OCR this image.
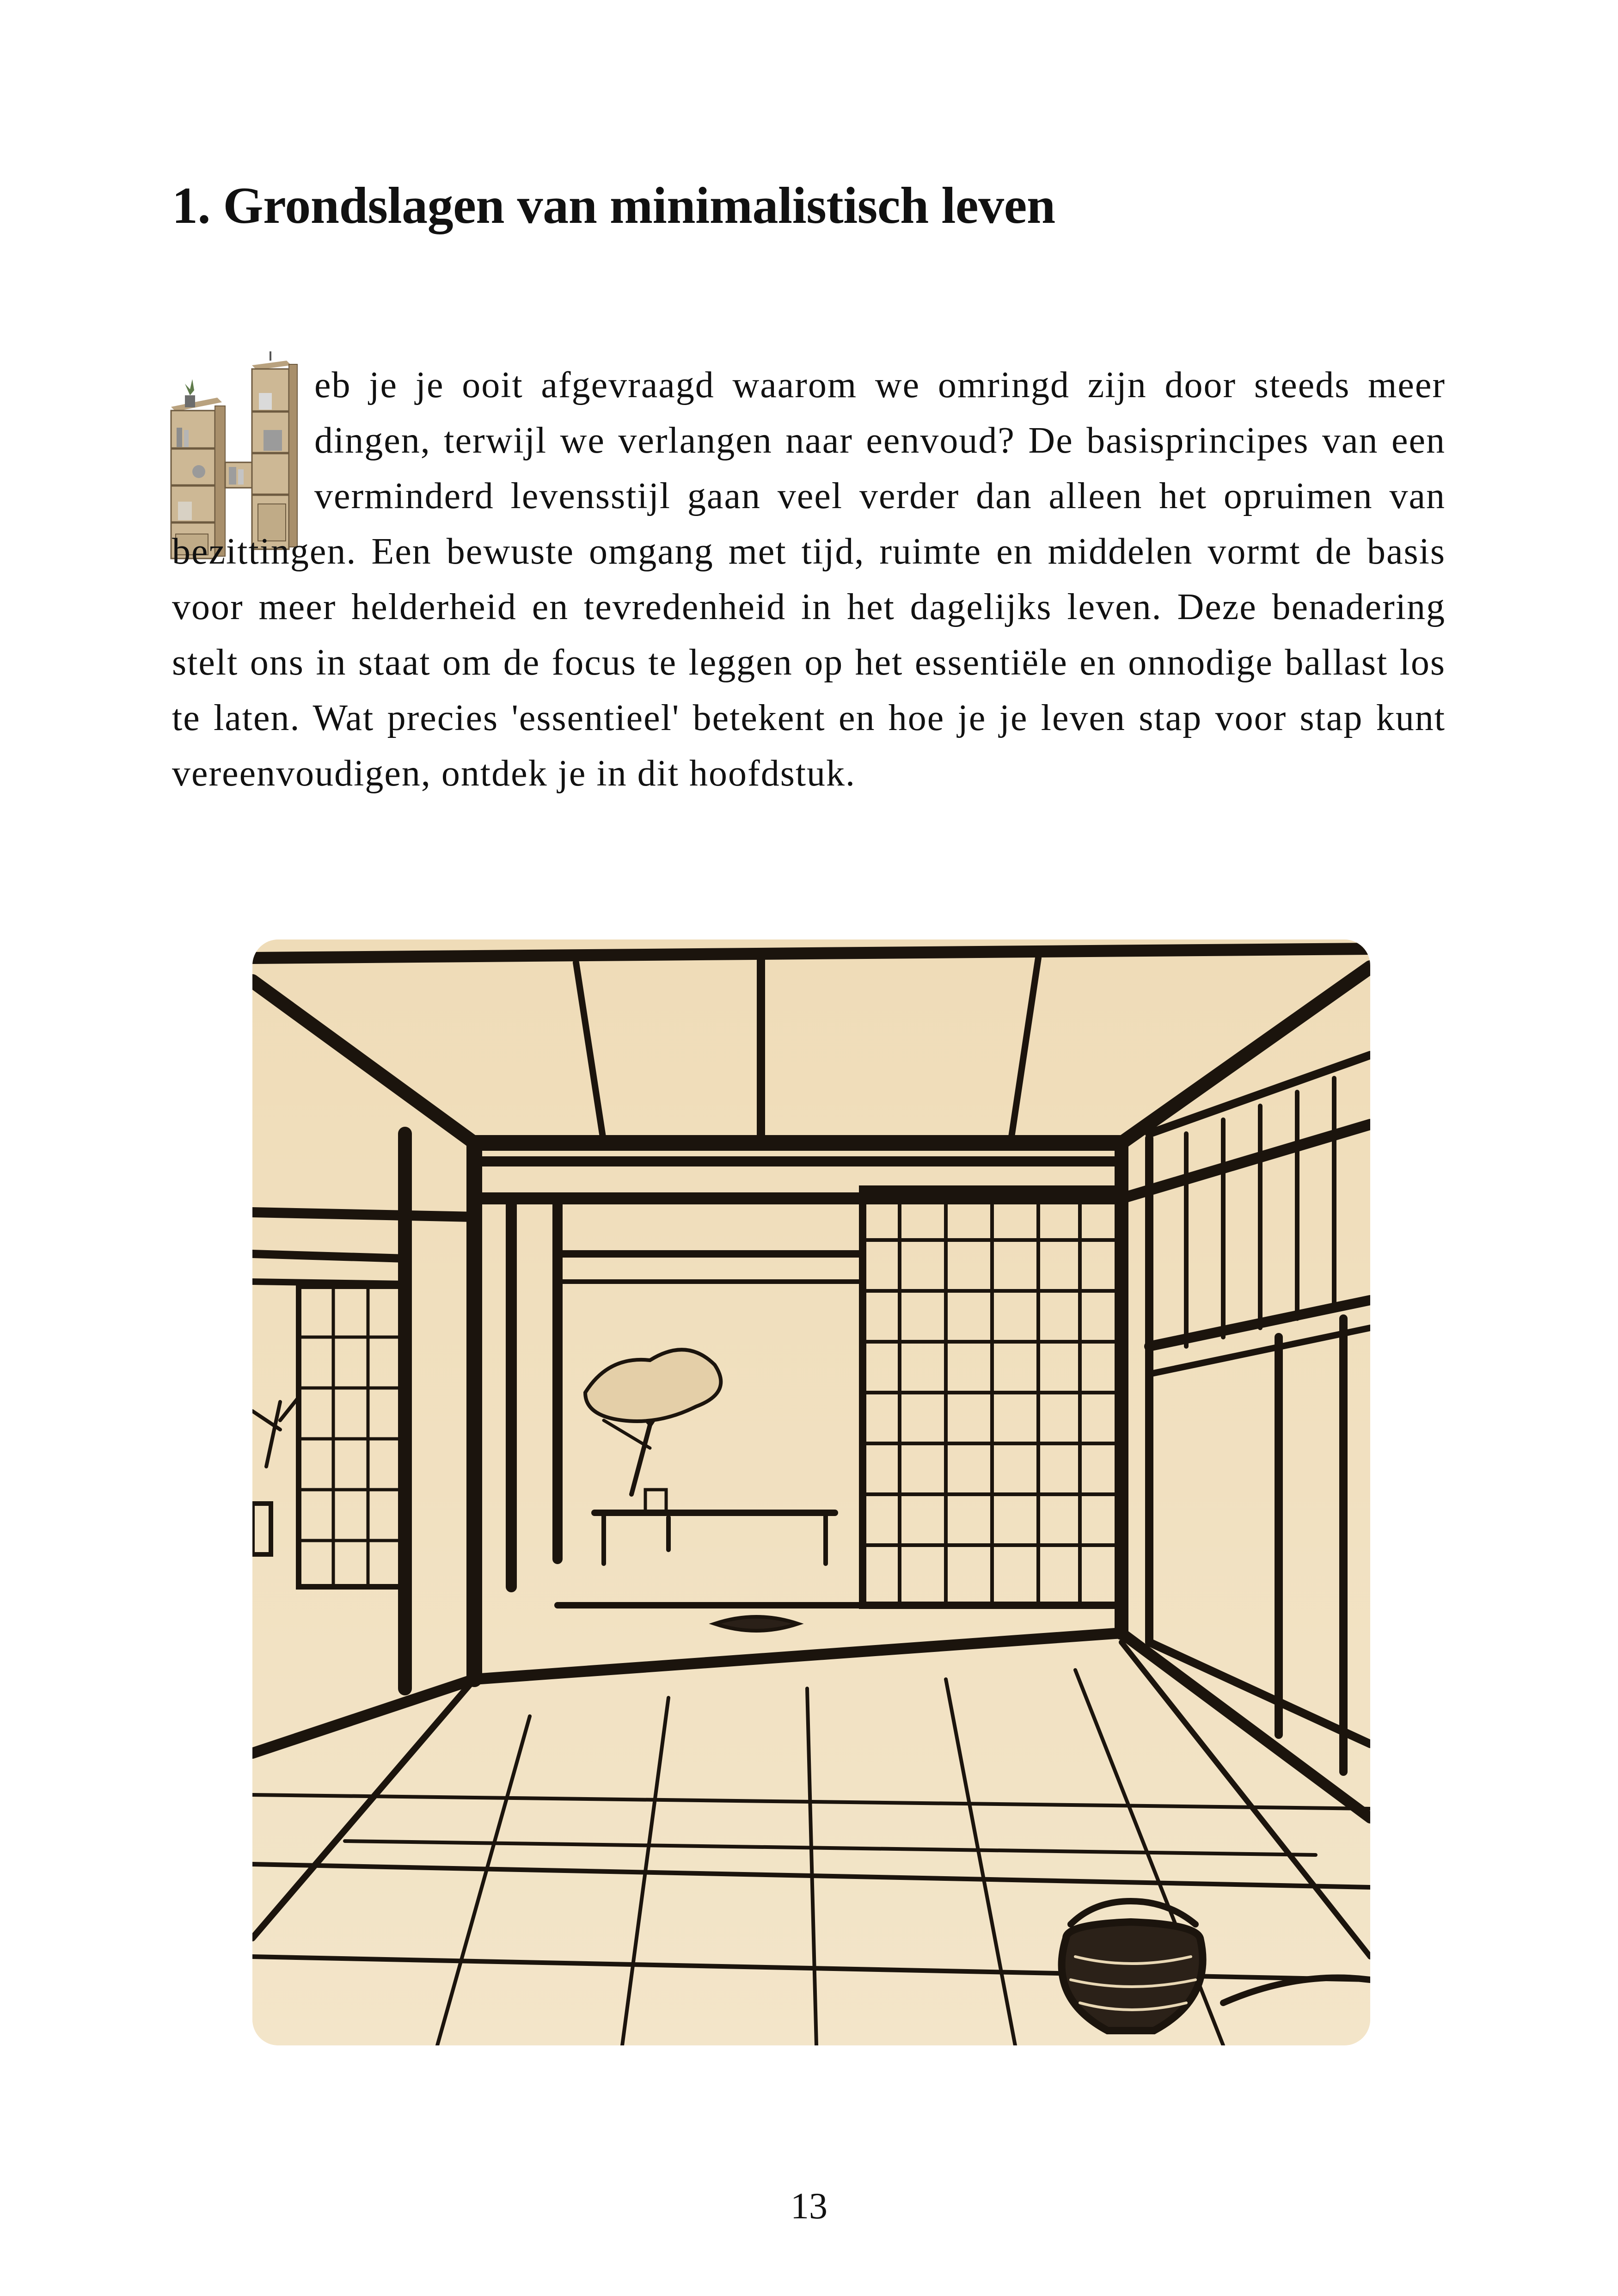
1. Grondslagen van minimalistisch leven
eb je je ooit afgevraagd waarom we omringd zijn door steeds meer dingen, terwijl we verlangen naar eenvoud? De basisprincipes van een verminderd levensstijl gaan veel verder dan alleen het opruimen van bezittingen. Een bewuste omgang met tijd, ruimte en middelen vormt de basis voor meer helderheid en tevredenheid in het dagelijks leven. Deze benadering stelt ons in staat om de focus te leggen op het essentiële en onnodige ballast los te laten. Wat precies 'essentieel' betekent en hoe je je leven stap voor stap kunt vereenvoudigen, ontdek je in dit hoofdstuk.
13
